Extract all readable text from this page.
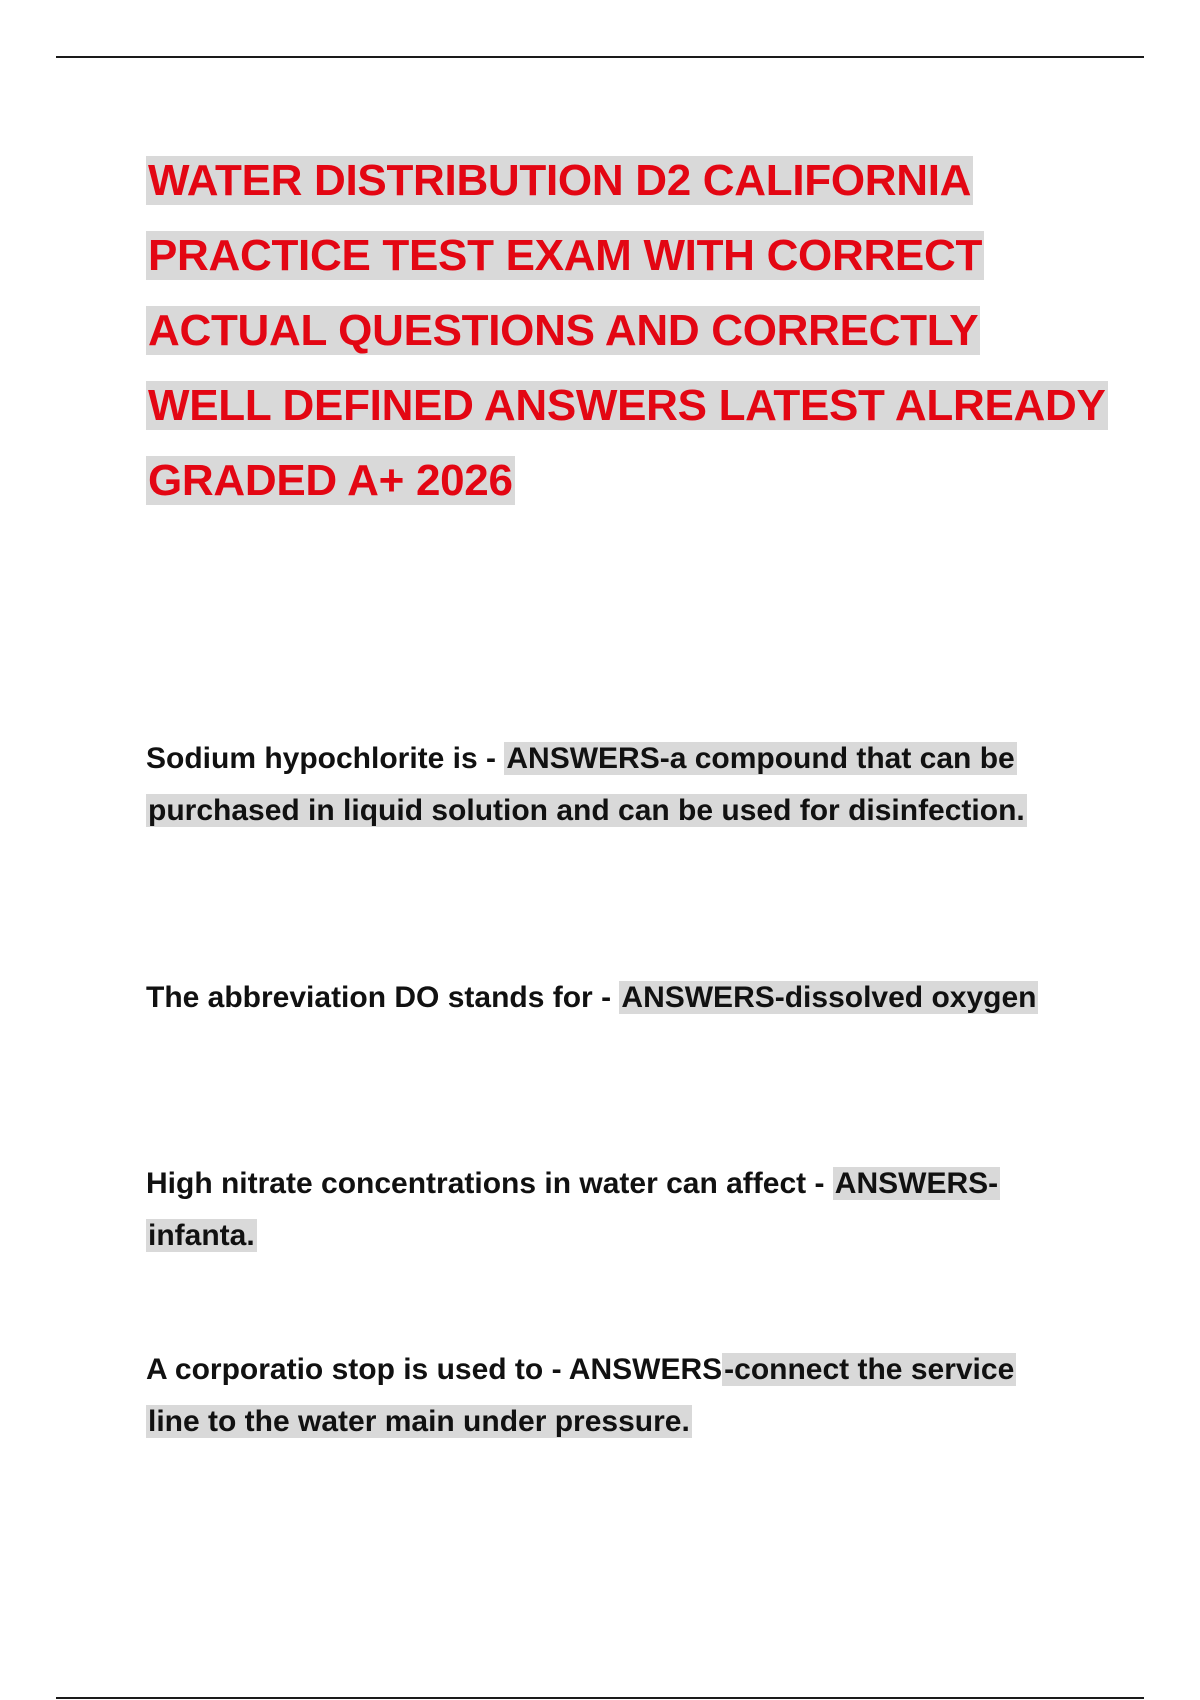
WATER DISTRIBUTION D2 CALIFORNIA PRACTICE TEST EXAM WITH CORRECT ACTUAL QUESTIONS AND CORRECTLY WELL DEFINED ANSWERS LATEST ALREADY GRADED A+ 2026

Sodium hypochlorite is - ANSWERS-a compound that can be purchased in liquid solution and can be used for disinfection.

The abbreviation DO stands for - ANSWERS-dissolved oxygen

High nitrate concentrations in water can affect - ANSWERS-infanta.

A corporatio stop is used to - ANSWERS-connect the service line to the water main under pressure.
